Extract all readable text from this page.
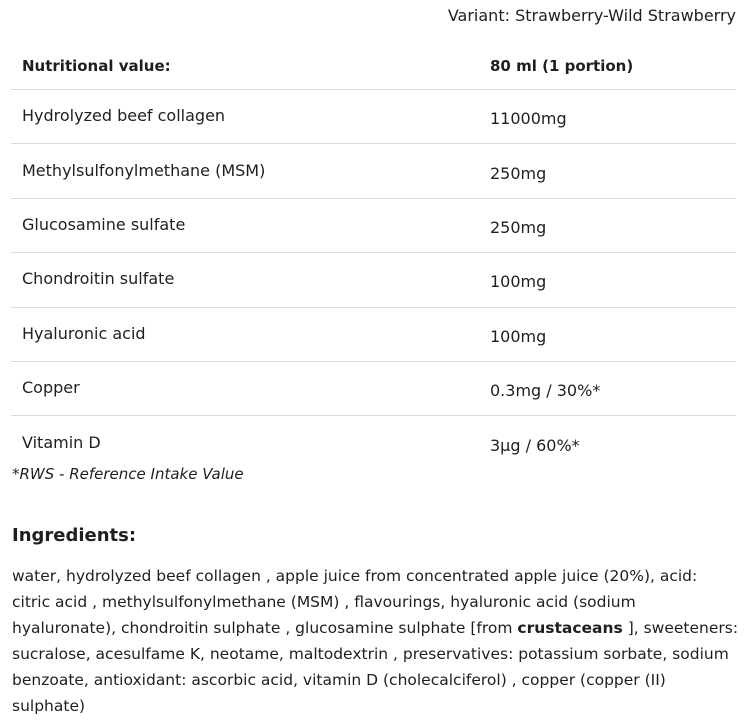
Variant: Strawberry-Wild Strawberry
Nutritional value:	80 ml (1 portion)
Hydrolyzed beef collagen	11000mg
Methylsulfonylmethane (MSM)	250mg
Glucosamine sulfate	250mg
Chondroitin sulfate	100mg
Hyaluronic acid	100mg
Copper	0.3mg / 30%*
Vitamin D	3µg / 60%*
*RWS - Reference Intake Value
Ingredients:

water, hydrolyzed beef collagen , apple juice from concentrated apple juice (20%), acid: citric acid , methylsulfonylmethane (MSM) , flavourings, hyaluronic acid (sodium hyaluronate), chondroitin sulphate , glucosamine sulphate [from crustaceans ], sweeteners: sucralose, acesulfame K, neotame, maltodextrin , preservatives: potassium sorbate, sodium benzoate, antioxidant: ascorbic acid, vitamin D (cholecalciferol) , copper (copper (II) sulphate)
